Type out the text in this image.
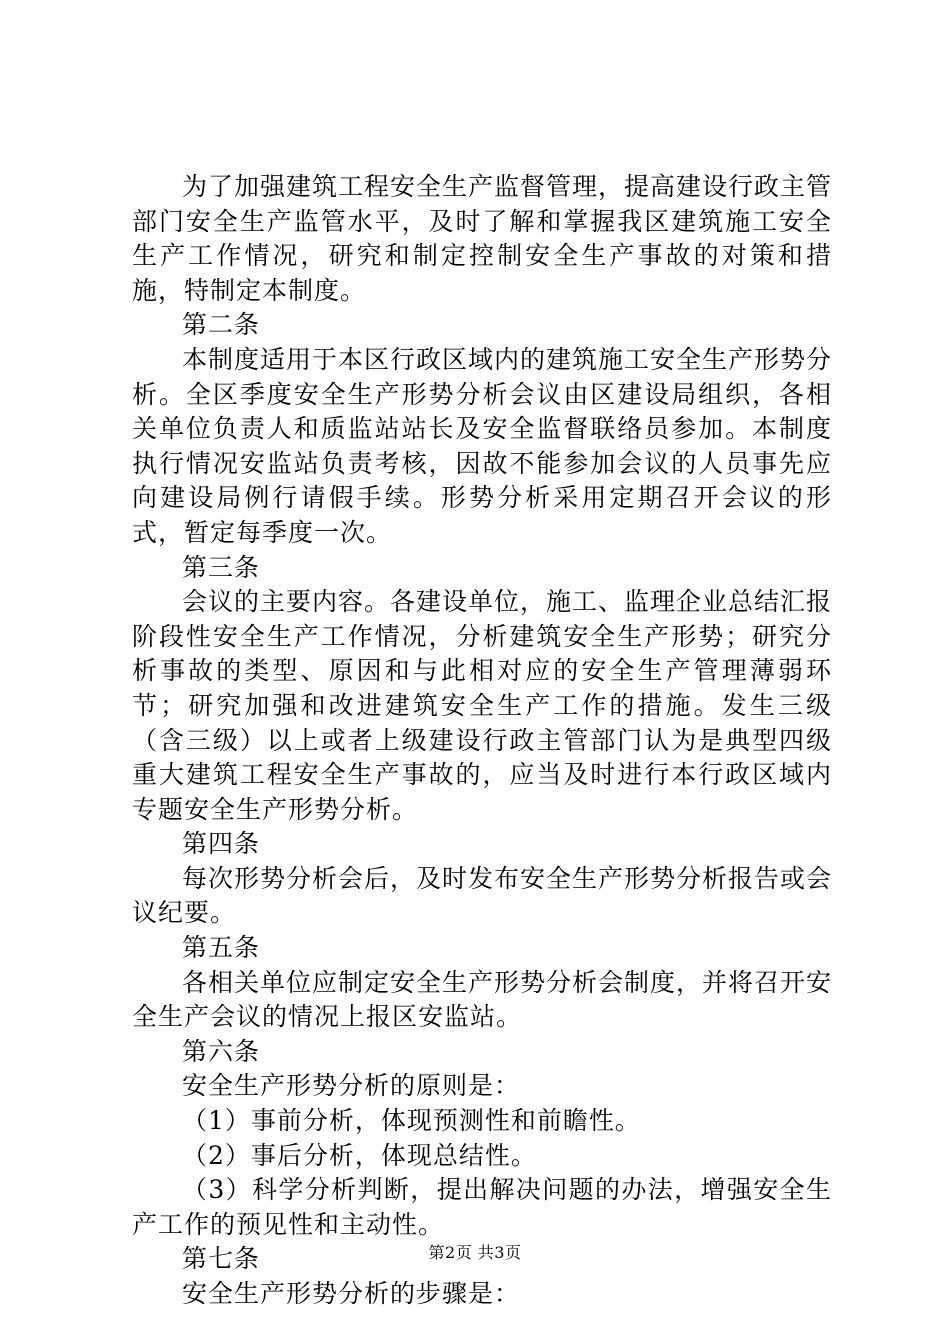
为了加强建筑工程安全生产监督管理，提高建设行政主管部门安全生产监管水平，及时了解和掌握我区建筑施工安全生产工作情况，研究和制定控制安全生产事故的对策和措施，特制定本制度。

第二条

本制度适用于本区行政区域内的建筑施工安全生产形势分析。全区季度安全生产形势分析会议由区建设局组织，各相关单位负责人和质监站站长及安全监督联络员参加。本制度执行情况安监站负责考核，因故不能参加会议的人员事先应向建设局例行请假手续。形势分析采用定期召开会议的形式，暂定每季度一次。

第三条

会议的主要内容。各建设单位，施工、监理企业总结汇报阶段性安全生产工作情况，分析建筑安全生产形势；研究分析事故的类型、原因和与此相对应的安全生产管理薄弱环节；研究加强和改进建筑安全生产工作的措施。发生三级（含三级）以上或者上级建设行政主管部门认为是典型四级重大建筑工程安全生产事故的，应当及时进行本行政区域内专题安全生产形势分析。

第四条

每次形势分析会后，及时发布安全生产形势分析报告或会议纪要。

第五条

各相关单位应制定安全生产形势分析会制度，并将召开安全生产会议的情况上报区安监站。

第六条

安全生产形势分析的原则是：

（1）事前分析，体现预测性和前瞻性。

（2）事后分析，体现总结性。

（3）科学分析判断，提出解决问题的办法，增强安全生产工作的预见性和主动性。

第七条

安全生产形势分析的步骤是：

第2页 共3页
